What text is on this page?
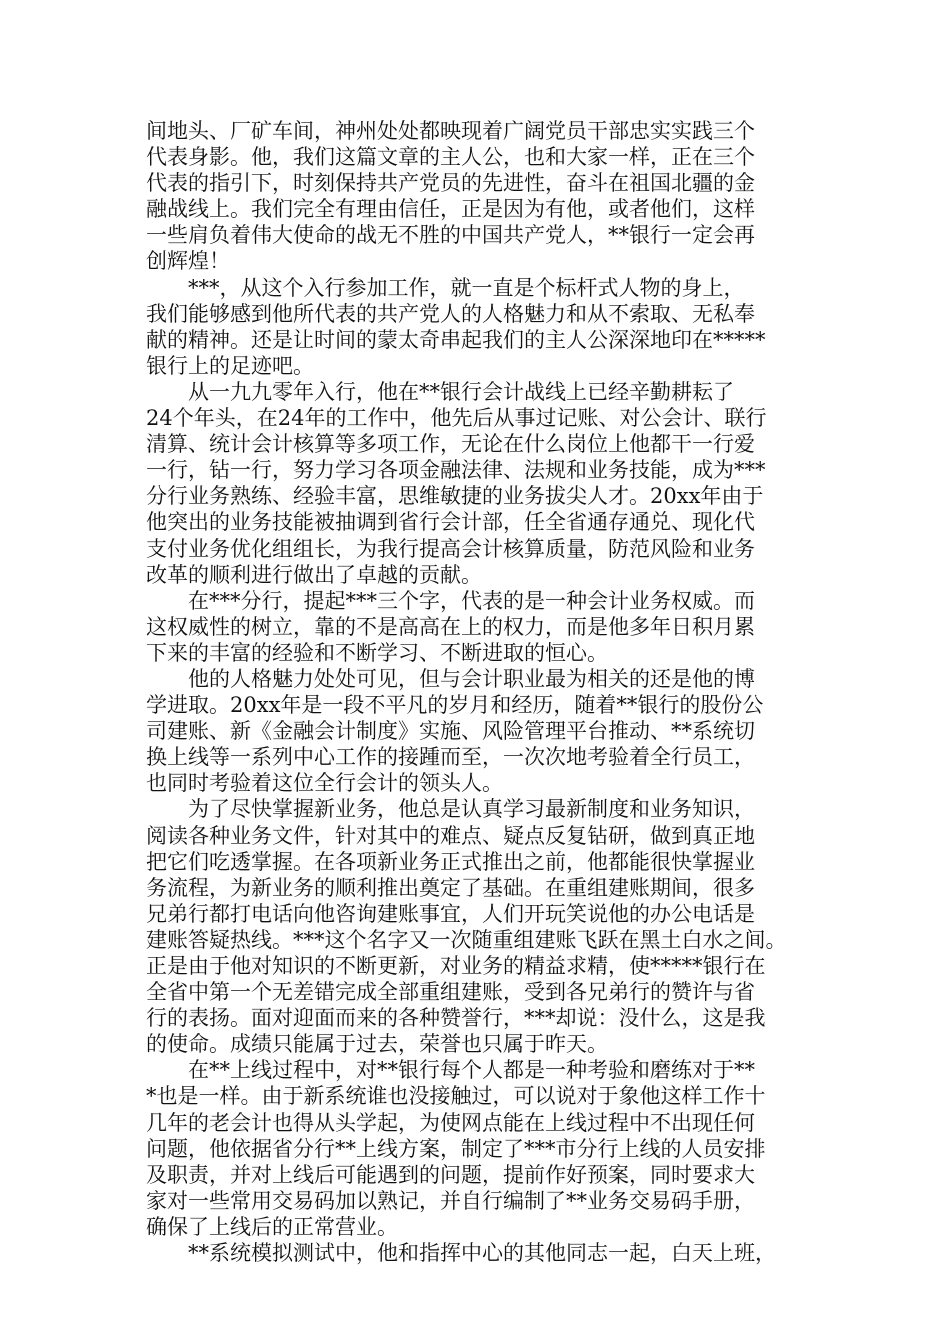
间地头、厂矿车间，神州处处都映现着广阔党员干部忠实实践三个
代表身影。他，我们这篇文章的主人公，也和大家一样，正在三个
代表的指引下，时刻保持共产党员的先进性，奋斗在祖国北疆的金
融战线上。我们完全有理由信任，正是因为有他，或者他们，这样
一些肩负着伟大使命的战无不胜的中国共产党人，**银行一定会再
创辉煌！
　　***，从这个入行参加工作，就一直是个标杆式人物的身上，
我们能够感到他所代表的共产党人的人格魅力和从不索取、无私奉
献的精神。还是让时间的蒙太奇串起我们的主人公深深地印在*****
银行上的足迹吧。
　　从一九九零年入行，他在**银行会计战线上已经辛勤耕耘了
24个年头，在24年的工作中，他先后从事过记账、对公会计、联行
清算、统计会计核算等多项工作，无论在什么岗位上他都干一行爱
一行，钻一行，努力学习各项金融法律、法规和业务技能，成为***
分行业务熟练、经验丰富，思维敏捷的业务拔尖人才。20xx年由于
他突出的业务技能被抽调到省行会计部，任全省通存通兑、现化代
支付业务优化组组长，为我行提高会计核算质量，防范风险和业务
改革的顺利进行做出了卓越的贡献。
　　在***分行，提起***三个字，代表的是一种会计业务权威。而
这权威性的树立，靠的不是高高在上的权力，而是他多年日积月累
下来的丰富的经验和不断学习、不断进取的恒心。
　　他的人格魅力处处可见，但与会计职业最为相关的还是他的博
学进取。20xx年是一段不平凡的岁月和经历，随着**银行的股份公
司建账、新《金融会计制度》实施、风险管理平台推动、**系统切
换上线等一系列中心工作的接踵而至，一次次地考验着全行员工，
也同时考验着这位全行会计的领头人。
　　为了尽快掌握新业务，他总是认真学习最新制度和业务知识，
阅读各种业务文件，针对其中的难点、疑点反复钻研，做到真正地
把它们吃透掌握。在各项新业务正式推出之前，他都能很快掌握业
务流程，为新业务的顺利推出奠定了基础。在重组建账期间，很多
兄弟行都打电话向他咨询建账事宜，人们开玩笑说他的办公电话是
建账答疑热线。***这个名字又一次随重组建账飞跃在黑土白水之间。
正是由于他对知识的不断更新，对业务的精益求精，使*****银行在
全省中第一个无差错完成全部重组建账，受到各兄弟行的赞许与省
行的表扬。面对迎面而来的各种赞誉行，***却说：没什么，这是我
的使命。成绩只能属于过去，荣誉也只属于昨天。
　　在**上线过程中，对**银行每个人都是一种考验和磨练对于**
*也是一样。由于新系统谁也没接触过，可以说对于象他这样工作十
几年的老会计也得从头学起，为使网点能在上线过程中不出现任何
问题，他依据省分行**上线方案，制定了***市分行上线的人员安排
及职责，并对上线后可能遇到的问题，提前作好预案，同时要求大
家对一些常用交易码加以熟记，并自行编制了**业务交易码手册，
确保了上线后的正常营业。
　　**系统模拟测试中，他和指挥中心的其他同志一起，白天上班，
